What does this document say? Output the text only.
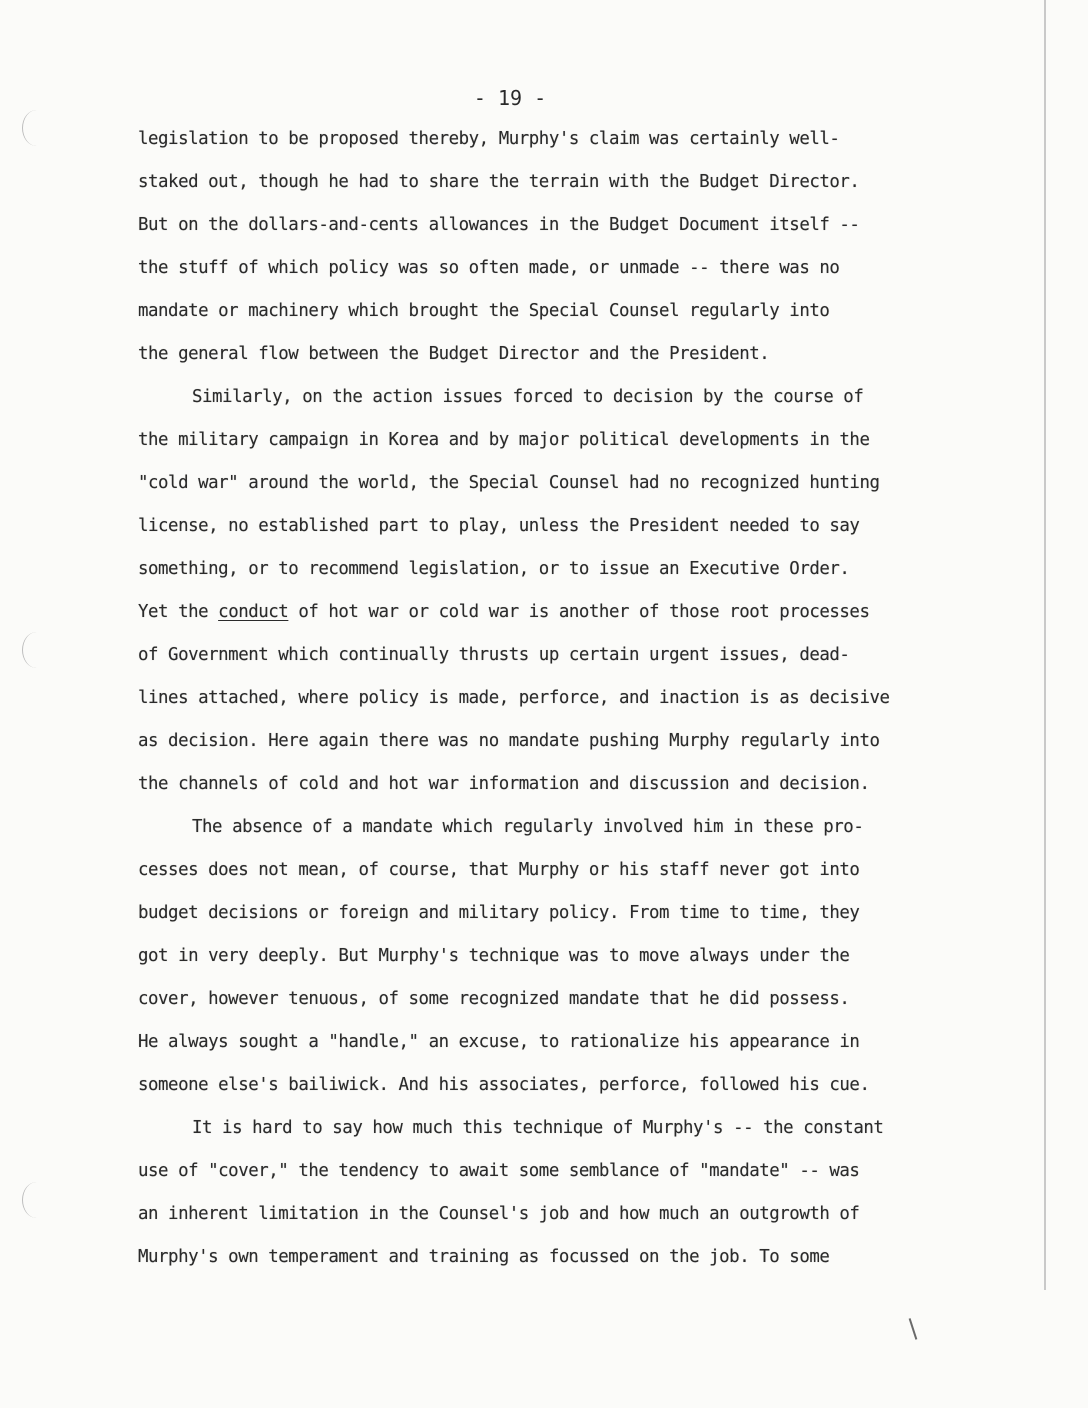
- 19 -
legislation to be proposed thereby, Murphy's claim was certainly well-
staked out, though he had to share the terrain with the Budget Director.
But on the dollars-and-cents allowances in the Budget Document itself --
the stuff of which policy was so often made, or unmade -- there was no
mandate or machinery which brought the Special Counsel regularly into
the general flow between the Budget Director and the President.
Similarly, on the action issues forced to decision by the course of
the military campaign in Korea and by major political developments in the
"cold war" around the world, the Special Counsel had no recognized hunting
license, no established part to play, unless the President needed to say
something, or to recommend legislation, or to issue an Executive Order.
Yet the conduct of hot war or cold war is another of those root processes
of Government which continually thrusts up certain urgent issues, dead-
lines attached, where policy is made, perforce, and inaction is as decisive
as decision. Here again there was no mandate pushing Murphy regularly into
the channels of cold and hot war information and discussion and decision.
The absence of a mandate which regularly involved him in these pro-
cesses does not mean, of course, that Murphy or his staff never got into
budget decisions or foreign and military policy. From time to time, they
got in very deeply. But Murphy's technique was to move always under the
cover, however tenuous, of some recognized mandate that he did possess.
He always sought a "handle," an excuse, to rationalize his appearance in
someone else's bailiwick. And his associates, perforce, followed his cue.
It is hard to say how much this technique of Murphy's -- the constant
use of "cover," the tendency to await some semblance of "mandate" -- was
an inherent limitation in the Counsel's job and how much an outgrowth of
Murphy's own temperament and training as focussed on the job. To some
